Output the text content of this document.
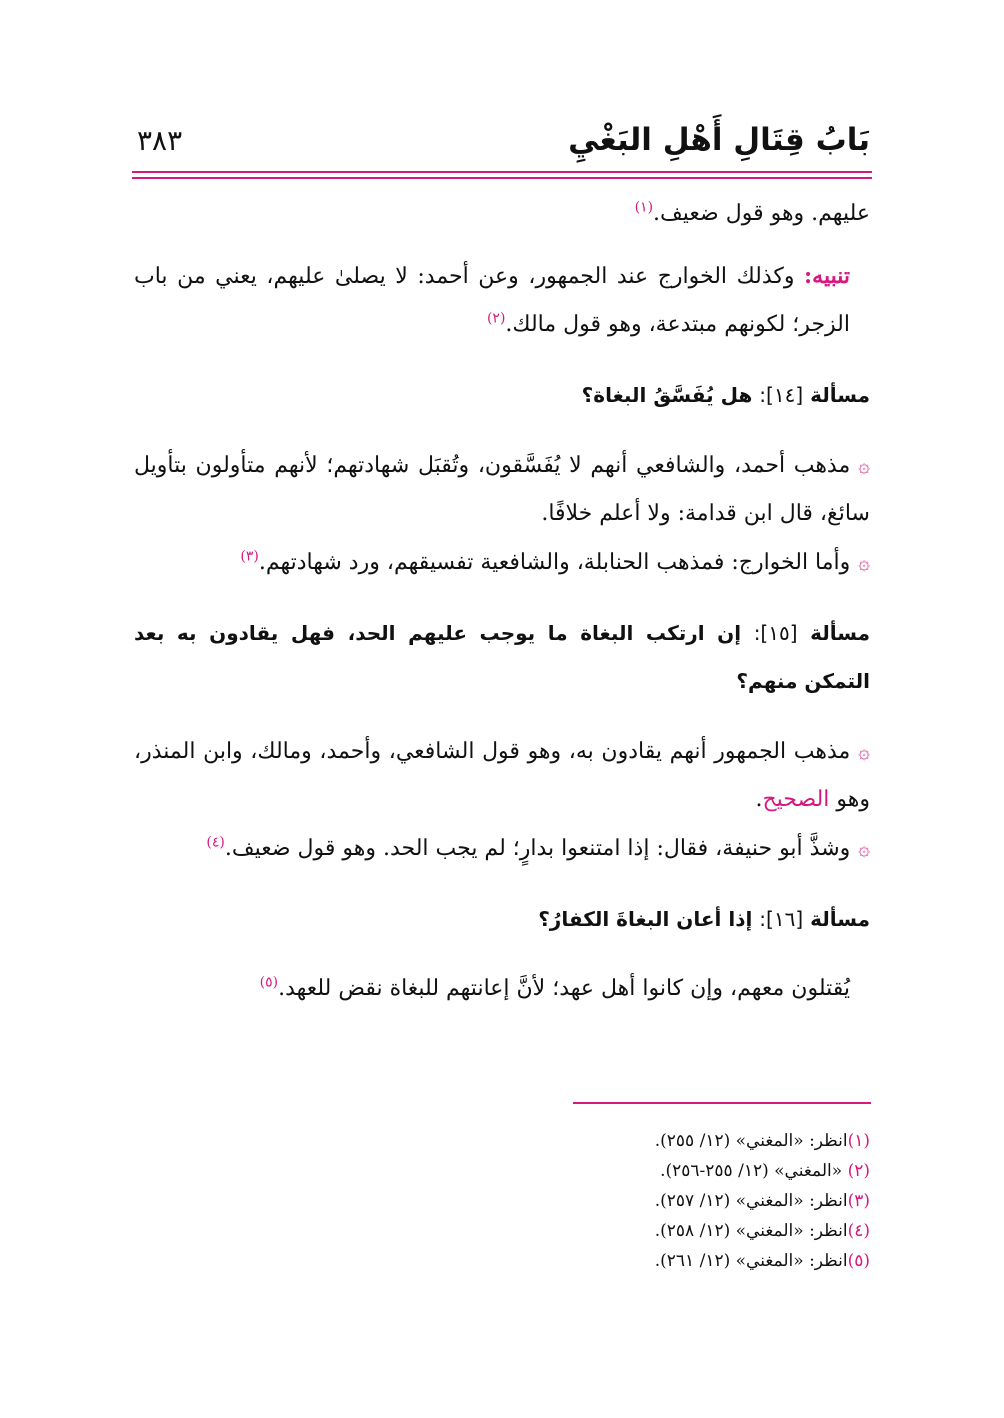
بَابُ قِتَالِ أَهْلِ البَغْيِ
٣٨٣

عليهم. وهو قول ضعيف.$^{(١)}$

تنبيه: وكذلك الخوارج عند الجمهور، وعن أحمد: لا يصلىٰ عليهم، يعني من باب الزجر؛ لكونهم مبتدعة، وهو قول مالك.$^{(٢)}$

مسألة [١٤]: هل يُفَسَّقُ البغاة؟

۞مذهب أحمد، والشافعي أنهم لا يُفَسَّقون، وتُقبَل شهادتهم؛ لأنهم متأولون بتأويل سائغ، قال ابن قدامة: ولا أعلم خلافًا.

۞وأما الخوارج: فمذهب الحنابلة، والشافعية تفسيقهم، ورد شهادتهم.$^{(٣)}$

مسألة [١٥]: إن ارتكب البغاة ما يوجب عليهم الحد، فهل يقادون به بعد التمكن منهم؟

۞مذهب الجمهور أنهم يقادون به، وهو قول الشافعي، وأحمد، ومالك، وابن المنذر، وهو الصحيح.

۞وشذَّ أبو حنيفة، فقال: إذا امتنعوا بدارٍ؛ لم يجب الحد. وهو قول ضعيف.$^{(٤)}$

مسألة [١٦]: إذا أعان البغاةَ الكفارُ؟

يُقتلون معهم، وإن كانوا أهل عهد؛ لأنَّ إعانتهم للبغاة نقض للعهد.$^{(٥)}$

(١)انظر: «المغني» (١٢/ ٢٥٥).

(٢) «المغني» (١٢/ ٢٥٥-٢٥٦).

(٣)انظر: «المغني» (١٢/ ٢٥٧).

(٤)انظر: «المغني» (١٢/ ٢٥٨).

(٥)انظر: «المغني» (١٢/ ٢٦١).
